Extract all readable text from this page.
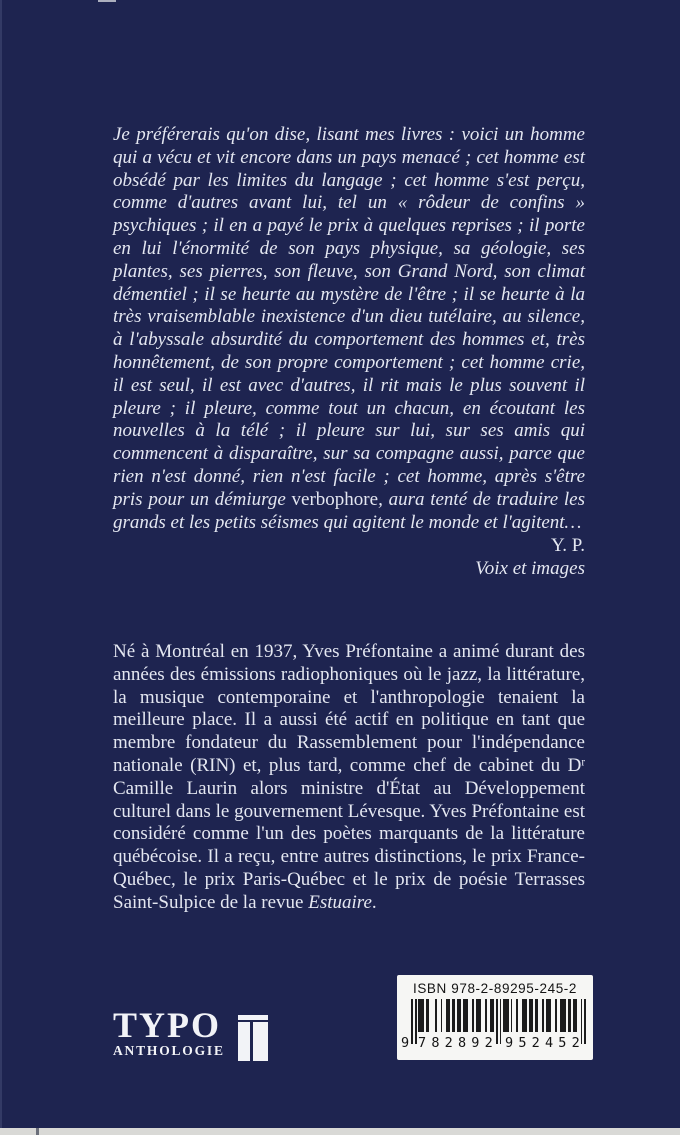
Je préférerais qu'on dise, lisant mes livres : voici un homme qui a vécu et vit encore dans un pays menacé ; cet homme est obsédé par les limites du langage ; cet homme s'est perçu, comme d'autres avant lui, tel un « rôdeur de confins » psychiques ; il en a payé le prix à quelques reprises ; il porte en lui l'énormité de son pays physique, sa géologie, ses plantes, ses pierres, son fleuve, son Grand Nord, son climat démentiel ; il se heurte au mystère de l'être ; il se heurte à la très vraisemblable inexistence d'un dieu tutélaire, au silence, à l'abyssale absurdité du comportement des hommes et, très honnêtement, de son propre comportement ; cet homme crie, il est seul, il est avec d'autres, il rit mais le plus souvent il pleure ; il pleure, comme tout un chacun, en écoutant les nouvelles à la télé ; il pleure sur lui, sur ses amis qui commencent à disparaître, sur sa compagne aussi, parce que rien n'est donné, rien n'est facile ; cet homme, après s'être pris pour un démiurge verbophore, aura tenté de traduire les grands et les petits séismes qui agitent le monde et l'agitent…
Y. P.
Voix et images
Né à Montréal en 1937, Yves Préfontaine a animé durant des années des émissions radiophoniques où le jazz, la littérature, la musique contemporaine et l'anthropologie tenaient la meilleure place. Il a aussi été actif en politique en tant que membre fondateur du Rassemblement pour l'indépendance nationale (RIN) et, plus tard, comme chef de cabinet du $D^r$ Camille Laurin alors ministre d'État au Développement culturel dans le gouvernement Lévesque. Yves Préfontaine est considéré comme l'un des poètes marquants de la littérature québécoise. Il a reçu, entre autres distinctions, le prix France-Québec, le prix Paris-Québec et le prix de poésie Terrasses Saint-Sulpice de la revue Estuaire.
TYPO
ANTHOLOGIE
ISBN 978-2-89295-245-2
9 782892 952452
